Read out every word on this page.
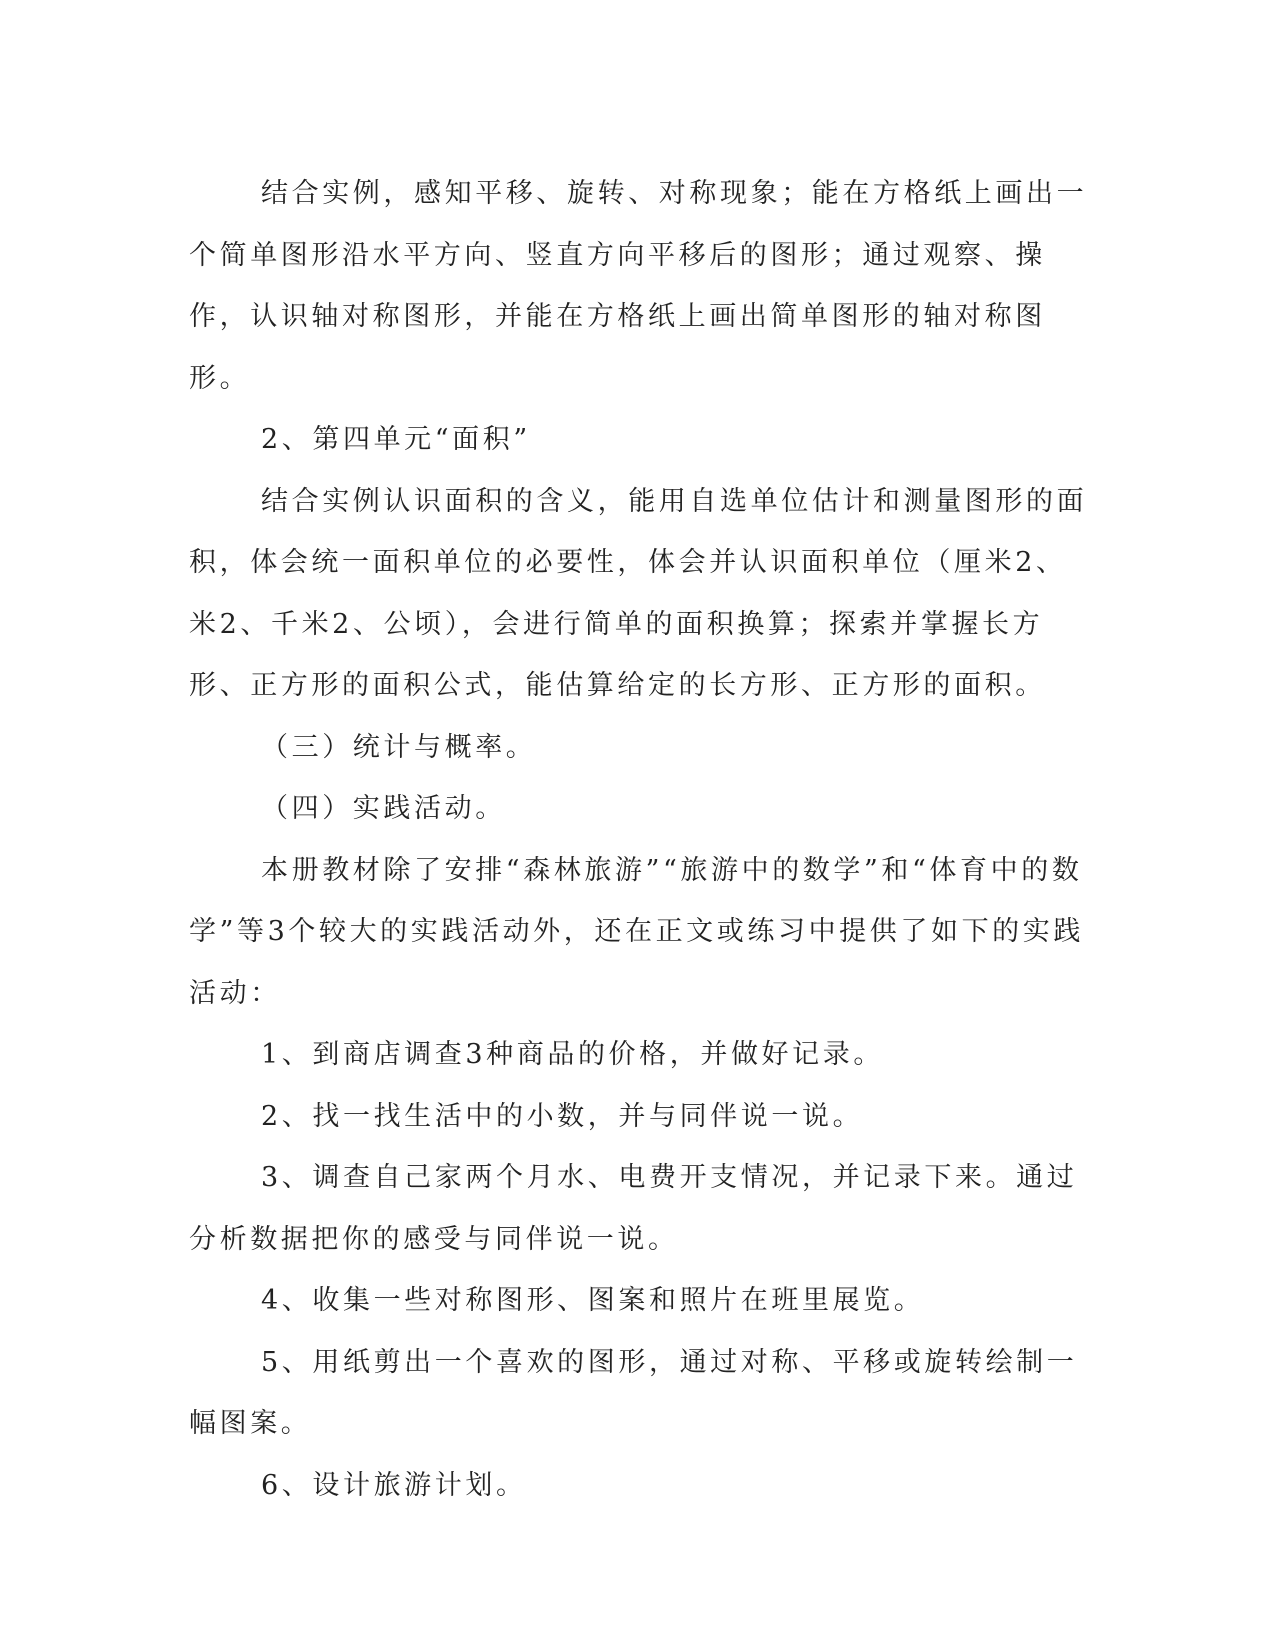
结合实例，感知平移、旋转、对称现象；能在方格纸上画出一个简单图形沿水平方向、竖直方向平移后的图形；通过观察、操作，认识轴对称图形，并能在方格纸上画出简单图形的轴对称图形。

2、第四单元“面积”

结合实例认识面积的含义，能用自选单位估计和测量图形的面积，体会统一面积单位的必要性，体会并认识面积单位（厘米2、米2、千米2、公顷），会进行简单的面积换算；探索并掌握长方形、正方形的面积公式，能估算给定的长方形、正方形的面积。

（三）统计与概率。

（四）实践活动。

本册教材除了安排“森林旅游”“旅游中的数学”和“体育中的数学”等3个较大的实践活动外，还在正文或练习中提供了如下的实践活动：

1、到商店调查3种商品的价格，并做好记录。

2、找一找生活中的小数，并与同伴说一说。

3、调查自己家两个月水、电费开支情况，并记录下来。通过分析数据把你的感受与同伴说一说。

4、收集一些对称图形、图案和照片在班里展览。

5、用纸剪出一个喜欢的图形，通过对称、平移或旋转绘制一幅图案。

6、设计旅游计划。
